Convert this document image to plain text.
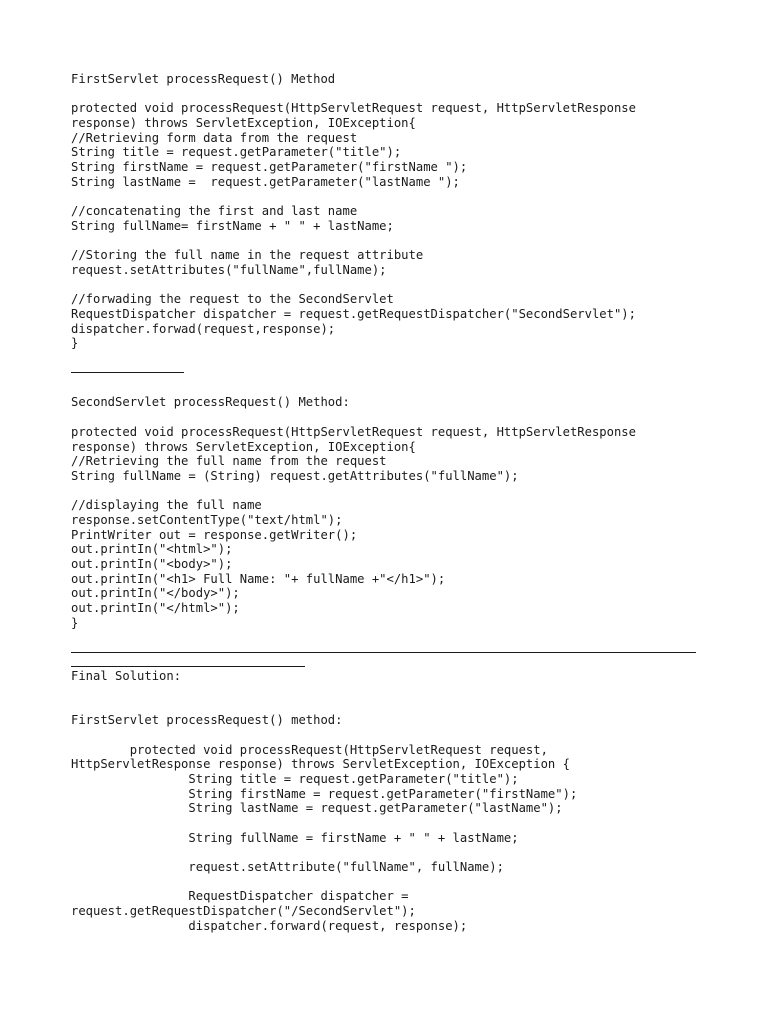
FirstServlet processRequest() Method
protected void processRequest(HttpServletRequest request, HttpServletResponse
response) throws ServletException, IOException{
//Retrieving form data from the request
String title = request.getParameter("title");
String firstName = request.getParameter("firstName ");
String lastName =  request.getParameter("lastName ");
//concatenating the first and last name
String fullName= firstName + " " + lastName;
//Storing the full name in the request attribute
request.setAttributes("fullName",fullName);
//forwading the request to the SecondServlet
RequestDispatcher dispatcher = request.getRequestDispatcher("SecondServlet");
dispatcher.forwad(request,response);
}
SecondServlet processRequest() Method:
protected void processRequest(HttpServletRequest request, HttpServletResponse
response) throws ServletException, IOException{
//Retrieving the full name from the request
String fullName = (String) request.getAttributes("fullName");
//displaying the full name
response.setContentType("text/html");
PrintWriter out = response.getWriter();
out.printIn("<html>");
out.printIn("<body>");
out.printIn("<h1> Full Name: "+ fullName +"</h1>");
out.printIn("</body>");
out.printIn("</html>");
}
Final Solution:
FirstServlet processRequest() method:
protected void processRequest(HttpServletRequest request,
HttpServletResponse response) throws ServletException, IOException {
String title = request.getParameter("title");
String firstName = request.getParameter("firstName");
String lastName = request.getParameter("lastName");
String fullName = firstName + " " + lastName;
request.setAttribute("fullName", fullName);
RequestDispatcher dispatcher =
request.getRequestDispatcher("/SecondServlet");
dispatcher.forward(request, response);
